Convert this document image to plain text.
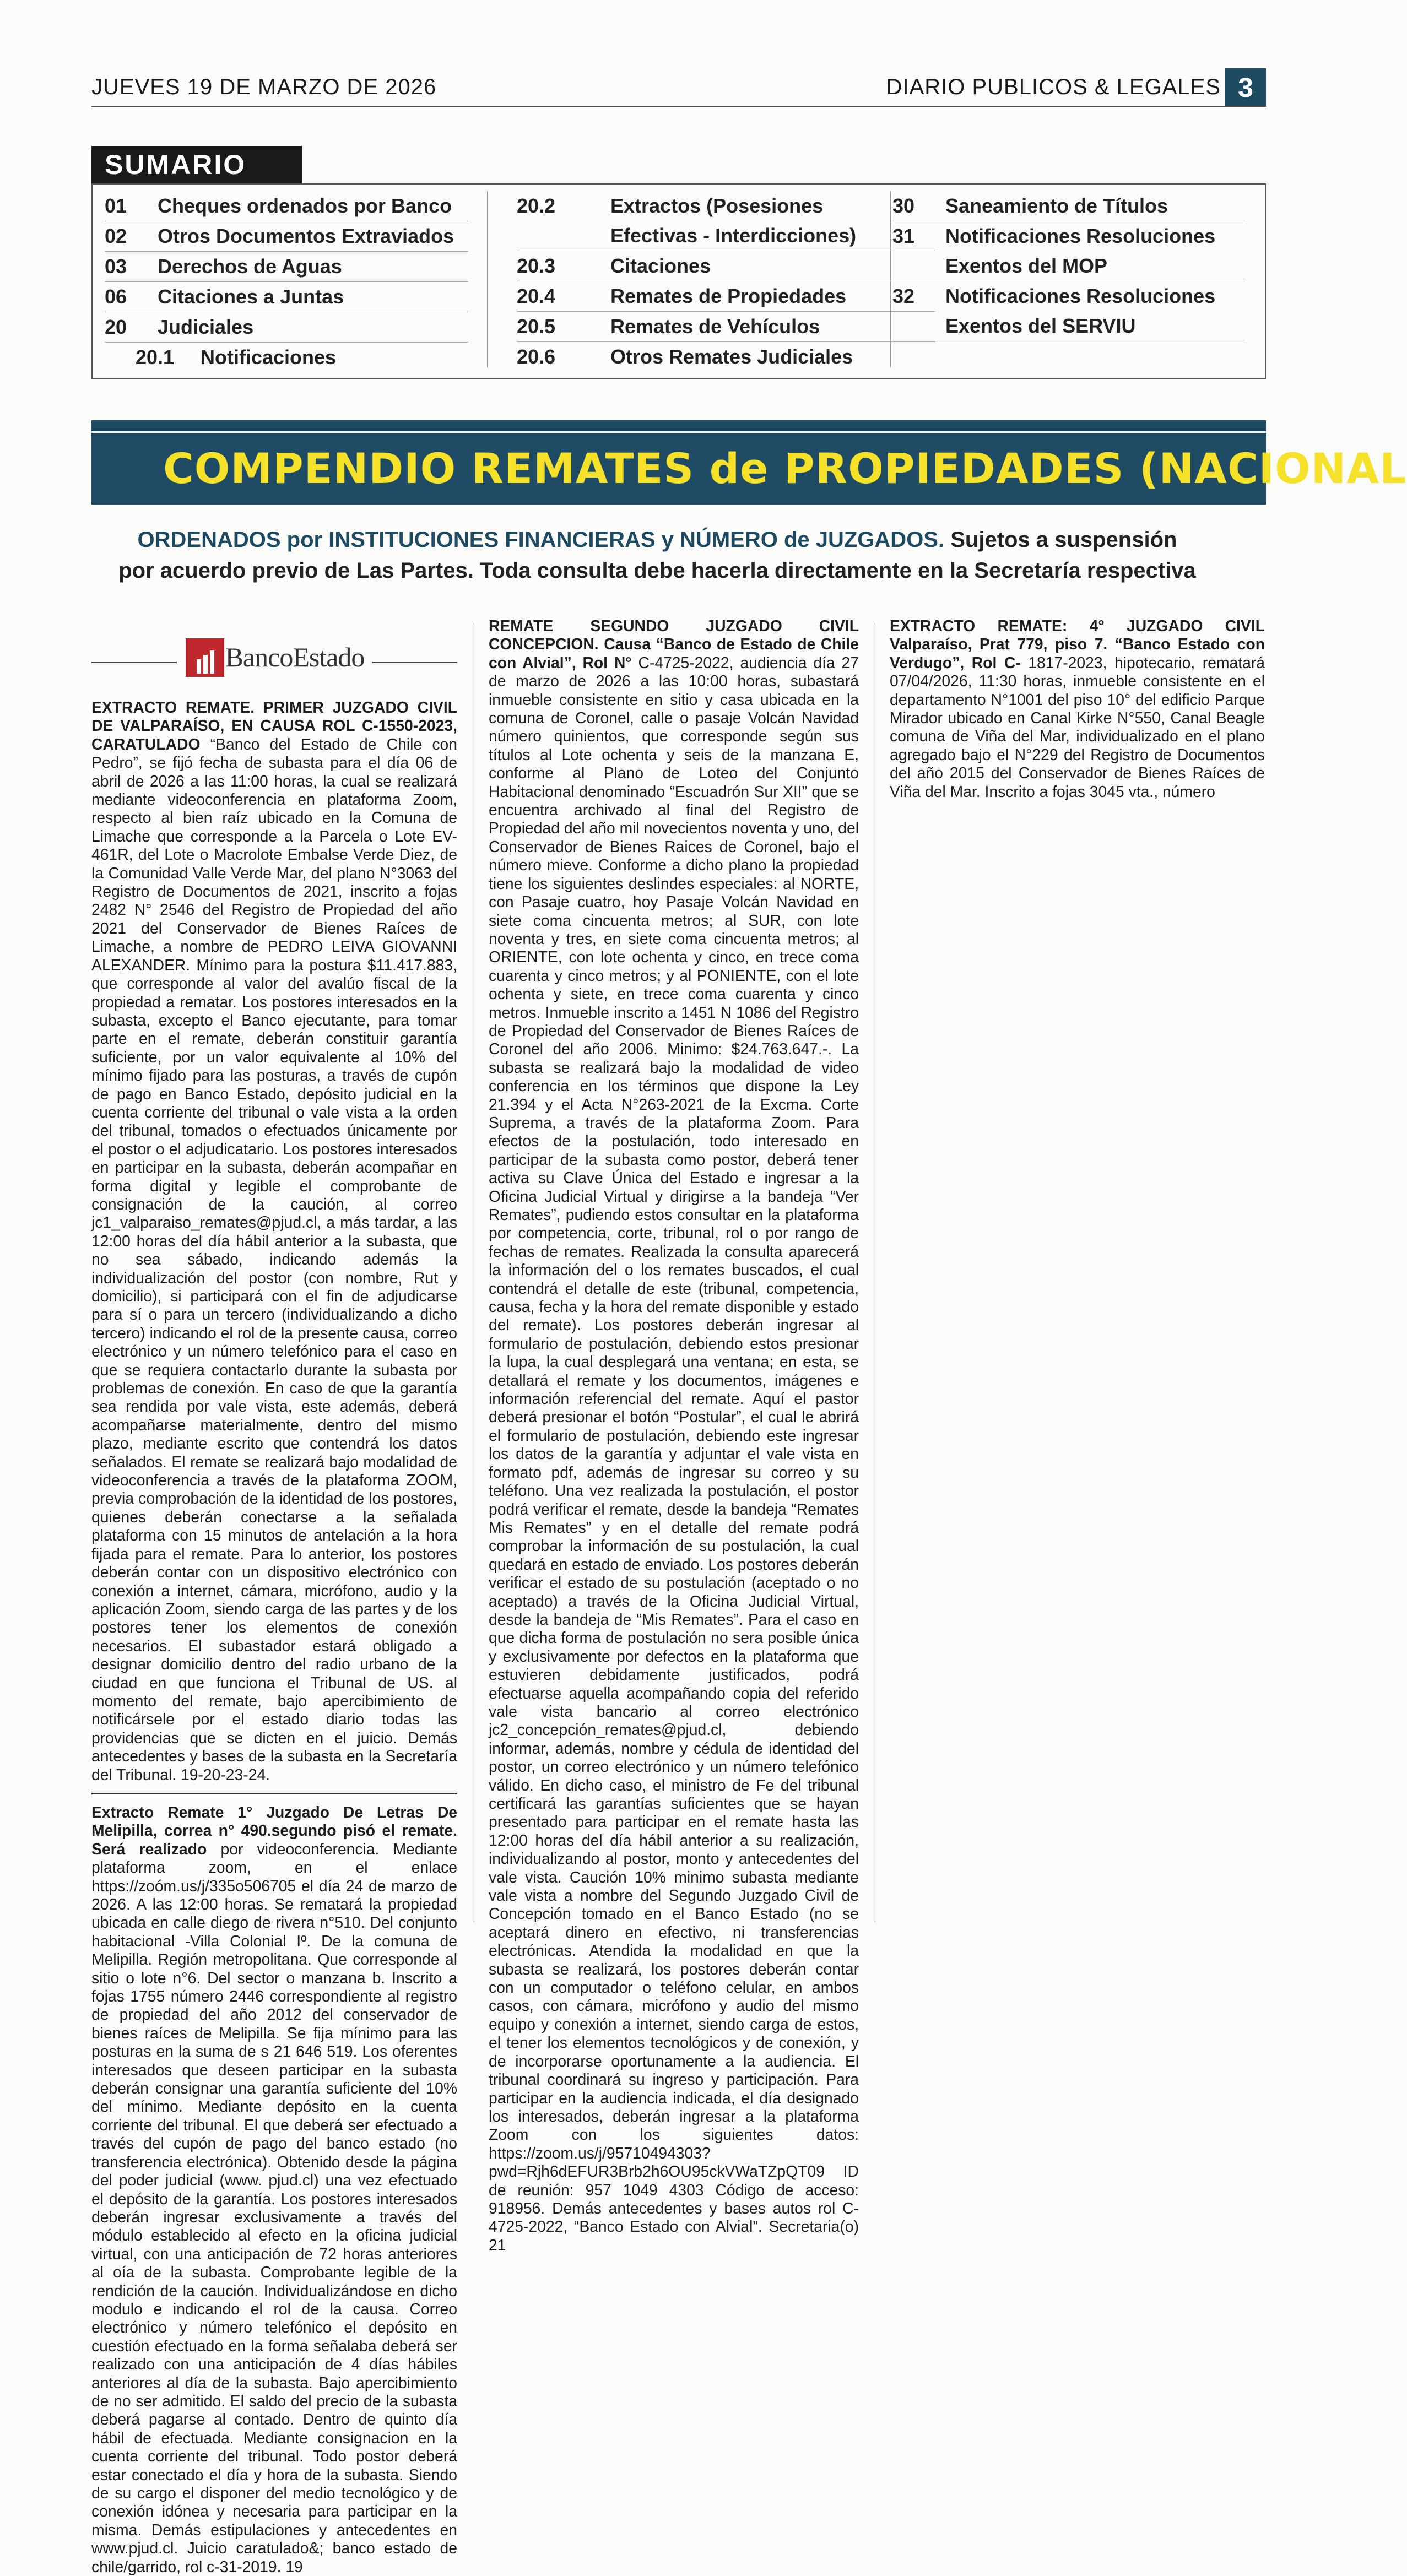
JUEVES 19 DE MARZO DE 2026	DIARIO PUBLICOS & LEGALES 3
SUMARIO
01	Cheques ordenados por Banco
02	Otros Documentos Extraviados
03	Derechos de Aguas
06	Citaciones a Juntas
20	Judiciales
20.1	Notificaciones
20.2	Extractos (Posesiones
Efectivas - Interdicciones)
20.3	Citaciones
20.4	Remates de Propiedades
20.5	Remates de Vehículos
20.6	Otros Remates Judiciales
30	Saneamiento de Títulos
31	Notificaciones Resoluciones
Exentos del MOP
32	Notificaciones Resoluciones
Exentos del SERVIU
COMPENDIO REMATES de PROPIEDADES (NACIONAL
ORDENADOS por INSTITUCIONES FINANCIERAS y NÚMERO de JUZGADOS. Sujetos a suspensión
por acuerdo previo de Las Partes. Toda consulta debe hacerla directamente en la Secretaría respectiva
BancoEstado

EXTRACTO REMATE. PRIMER JUZGADO CIVIL DE VALPARAÍSO, EN CAUSA ROL C-1550-2023, CARATULADO “Banco del Estado de Chile con Pedro”, se fijó fecha de subasta para el día 06 de abril de 2026 a las 11:00 horas, la cual se realizará mediante videoconferencia en plataforma Zoom, respecto al bien raíz ubicado en la Comuna de Limache que corresponde a la Parcela o Lote EV- 461R, del Lote o Macrolote Embalse Verde Diez, de la Comunidad Valle Verde Mar, del plano N°3063 del Registro de Documentos de 2021, inscrito a fojas 2482 N° 2546 del Registro de Propiedad del año 2021 del Conservador de Bienes Raíces de Limache, a nombre de PEDRO LEIVA GIOVANNI ALEXANDER. Mínimo para la postura $11.417.883, que corresponde al valor del avalúo fiscal de la propiedad a rematar. Los postores interesados en la subasta, excepto el Banco ejecutante, para tomar parte en el remate, deberán constituir garantía suficiente, por un valor equivalente al 10% del mínimo fijado para las posturas, a través de cupón de pago en Banco Estado, depósito judicial en la cuenta corriente del tribunal o vale vista a la orden del tribunal, tomados o efectuados únicamente por el postor o el adjudicatario. Los postores interesados en participar en la subasta, deberán acompañar en forma digital y legible el comprobante de consignación de la caución, al correo jc1_valparaiso_remates@pjud.cl, a más tardar, a las 12:00 horas del día hábil anterior a la subasta, que no sea sábado, indicando además la individualización del postor (con nombre, Rut y domicilio), si participará con el fin de adjudicarse para sí o para un tercero (individualizando a dicho tercero) indicando el rol de la presente causa, correo electrónico y un número telefónico para el caso en que se requiera contactarlo durante la subasta por problemas de conexión. En caso de que la garantía sea rendida por vale vista, este además, deberá acompañarse materialmente, dentro del mismo plazo, mediante escrito que contendrá los datos señalados. El remate se realizará bajo modalidad de videoconferencia a través de la plataforma ZOOM, previa comprobación de la identidad de los postores, quienes deberán conectarse a la señalada plataforma con 15 minutos de antelación a la hora fijada para el remate. Para lo anterior, los postores deberán contar con un dispositivo electrónico con conexión a internet, cámara, micrófono, audio y la aplicación Zoom, siendo carga de las partes y de los postores tener los elementos de conexión necesarios. El subastador estará obligado a designar domicilio dentro del radio urbano de la ciudad en que funciona el Tribunal de US. al momento del remate, bajo apercibimiento de notificársele por el estado diario todas las providencias que se dicten en el juicio. Demás antecedentes y bases de la subasta en la Secretaría del Tribunal. 19-20-23-24.

Extracto Remate 1° Juzgado De Letras De Melipilla, correa n° 490.segundo pisó el remate. Será realizado por videoconferencia. Mediante plataforma zoom, en el enlace https://zoóm.us/j/335o506705 el día 24 de marzo de 2026. A las 12:00 horas. Se rematará la propiedad ubicada en calle diego de rivera n°510. Del conjunto habitacional -Villa Colonial Iº. De la comuna de Melipilla. Región metropolitana. Que corresponde al sitio o lote n°6. Del sector o manzana b. Inscrito a fojas 1755 número 2446 correspondiente al registro de propiedad del año 2012 del conservador de bienes raíces de Melipilla. Se fija mínimo para las posturas en la suma de s 21 646 519. Los oferentes interesados que deseen participar en la subasta deberán consignar una garantía suficiente del 10% del mínimo. Mediante depósito en la cuenta corriente del tribunal. El que deberá ser efectuado a través del cupón de pago del banco estado (no transferencia electrónica). Obtenido desde la página del poder judicial (www. pjud.cl) una vez efectuado el depósito de la garantía. Los postores interesados deberán ingresar exclusivamente a través del módulo establecido al efecto en la oficina judicial virtual, con una anticipación de 72 horas anteriores al oía de la subasta. Comprobante legible de la rendición de la caución. Individualizándose en dicho modulo e indicando el rol de la causa. Correo electrónico y número telefónico el depósito en cuestión efectuado en la forma señalaba deberá ser realizado con una anticipación de 4 días hábiles anteriores al día de la subasta. Bajo apercibimiento de no ser admitido. El saldo del precio de la subasta deberá pagarse al contado. Dentro de quinto día hábil de efectuada. Mediante consignacion en la cuenta corriente del tribunal. Todo postor deberá estar conectado el día y hora de la subasta. Siendo de su cargo el disponer del medio tecnológico y de conexión idónea y necesaria para participar en la misma. Demás estipulaciones y antecedentes en www.pjud.cl. Juicio caratulado&; banco estado de chile/garrido, rol c-31-2019. 19

REMATE SEGUNDO JUZGADO CIVIL CONCEPCION. Causa “Banco de Estado de Chile con Alvial”, Rol N° C-4725-2022, audiencia día 27 de marzo de 2026 a las 10:00 horas, subastará inmueble consistente en sitio y casa ubicada en la comuna de Coronel, calle o pasaje Volcán Navidad número quinientos, que corresponde según sus títulos al Lote ochenta y seis de la manzana E, conforme al Plano de Loteo del Conjunto Habitacional denominado “Escuadrón Sur XII” que se encuentra archivado al final del Registro de Propiedad del año mil novecientos noventa y uno, del Conservador de Bienes Raices de Coronel, bajo el número mieve. Conforme a dicho plano la propiedad tiene los siguientes deslindes especiales: al NORTE, con Pasaje cuatro, hoy Pasaje Volcán Navidad en siete coma cincuenta metros; al SUR, con lote noventa y tres, en siete coma cincuenta metros; al ORIENTE, con lote ochenta y cinco, en trece coma cuarenta y cinco metros; y al PONIENTE, con el lote ochenta y siete, en trece coma cuarenta y cinco metros. Inmueble inscrito a 1451 N 1086 del Registro de Propiedad del Conservador de Bienes Raíces de Coronel del año 2006. Minimo: $24.763.647.-. La subasta se realizará bajo la modalidad de video conferencia en los términos que dispone la Ley 21.394 y el Acta N°263-2021 de la Excma. Corte Suprema, a través de la plataforma Zoom. Para efectos de la postulación, todo interesado en participar de la subasta como postor, deberá tener activa su Clave Única del Estado e ingresar a la Oficina Judicial Virtual y dirigirse a la bandeja “Ver Remates”, pudiendo estos consultar en la plataforma por competencia, corte, tribunal, rol o por rango de fechas de remates. Realizada la consulta aparecerá la información del o los remates buscados, el cual contendrá el detalle de este (tribunal, competencia, causa, fecha y la hora del remate disponible y estado del remate). Los postores deberán ingresar al formulario de postulación, debiendo estos presionar la lupa, la cual desplegará una ventana; en esta, se detallará el remate y los documentos, imágenes e información referencial del remate. Aquí el pastor deberá presionar el botón “Postular”, el cual le abrirá el formulario de postulación, debiendo este ingresar los datos de la garantía y adjuntar el vale vista en formato pdf, además de ingresar su correo y su teléfono. Una vez realizada la postulación, el postor podrá verificar el remate, desde la bandeja “Remates Mis Remates” y en el detalle del remate podrá comprobar la información de su postulación, la cual quedará en estado de enviado. Los postores deberán verificar el estado de su postulación (aceptado o no aceptado) a través de la Oficina Judicial Virtual, desde la bandeja de “Mis Remates”. Para el caso en que dicha forma de postulación no sera posible única y exclusivamente por defectos en la plataforma que estuvieren debidamente justificados, podrá efectuarse aquella acompañando copia del referido vale vista bancario al correo electrónico jc2_concepción_remates@pjud.cl, debiendo informar, además, nombre y cédula de identidad del postor, un correo electrónico y un número telefónico válido. En dicho caso, el ministro de Fe del tribunal certificará las garantías suficientes que se hayan presentado para participar en el remate hasta las 12:00 horas del día hábil anterior a su realización, individualizando al postor, monto y antecedentes del vale vista. Caución 10% minimo subasta mediante vale vista a nombre del Segundo Juzgado Civil de Concepción tomado en el Banco Estado (no se aceptará dinero en efectivo, ni transferencias electrónicas. Atendida la modalidad en que la subasta se realizará, los postores deberán contar con un computador o teléfono celular, en ambos casos, con cámara, micrófono y audio del mismo equipo y conexión a internet, siendo carga de estos, el tener los elementos tecnológicos y de conexión, y de incorporarse oportunamente a la audiencia. El tribunal coordinará su ingreso y participación. Para participar en la audiencia indicada, el día designado los interesados, deberán ingresar a la plataforma Zoom con los siguientes datos: https://zoom.us/j/95710494303?pwd=Rjh6dEFUR3Brb2h6OU95ckVWaTZpQT09 ID de reunión: 957 1049 4303 Código de acceso: 918956. Demás antecedentes y bases autos rol C-4725-2022, “Banco Estado con Alvial”. Secretaria(o) 21

EXTRACTO REMATE: 4° JUZGADO CIVIL Valparaíso, Prat 779, piso 7. “Banco Estado con Verdugo”, Rol C- 1817-2023, hipotecario, rematará 07/04/2026, 11:30 horas, inmueble consistente en el departamento N°1001 del piso 10° del edificio Parque Mirador ubicado en Canal Kirke N°550, Canal Beagle comuna de Viña del Mar, individualizado en el plano agregado bajo el N°229 del Registro de Documentos del año 2015 del Conservador de Bienes Raíces de Viña del Mar. Inscrito a fojas 3045 vta., número
